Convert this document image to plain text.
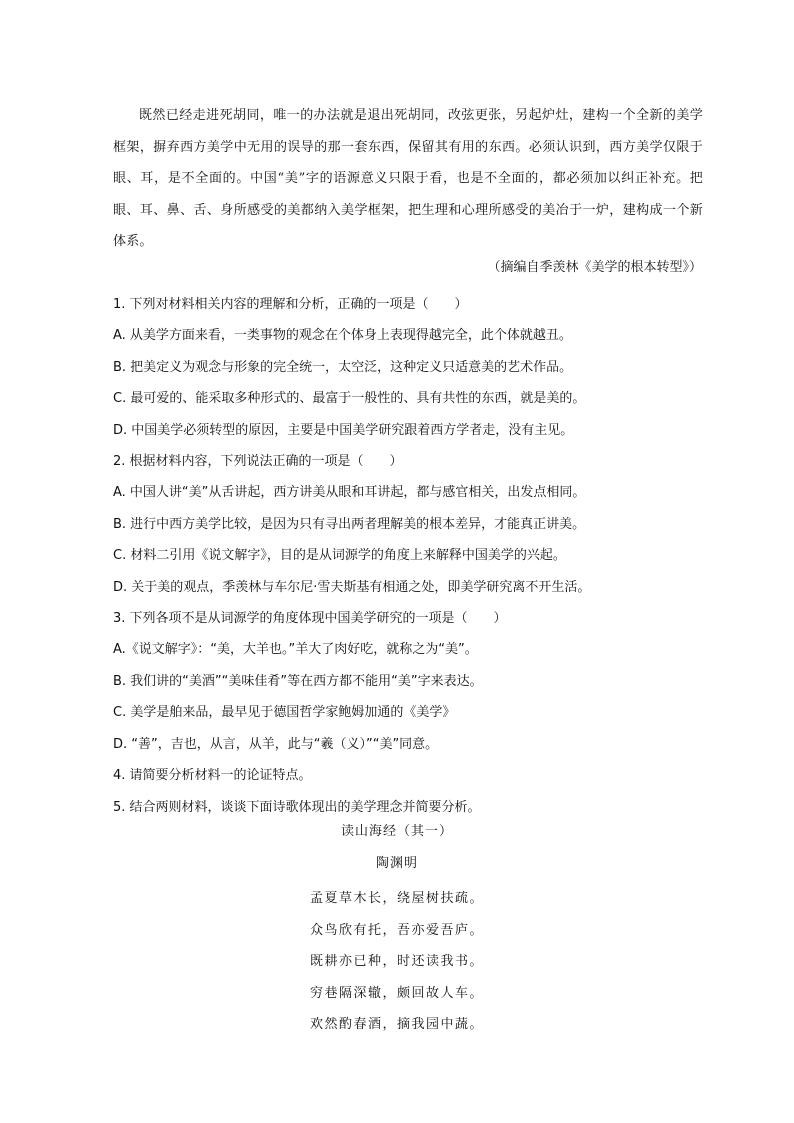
既然已经走进死胡同，唯一的办法就是退出死胡同，改弦更张，另起炉灶，建构一个全新的美学框架，摒弃西方美学中无用的误导的那一套东西，保留其有用的东西。必须认识到，西方美学仅限于眼、耳，是不全面的。中国“美”字的语源意义只限于看，也是不全面的，都必须加以纠正补充。把眼、耳、鼻、舌、身所感受的美都纳入美学框架，把生理和心理所感受的美冶于一炉，建构成一个新体系。

（摘编自季羡林《美学的根本转型》）
1. 下列对材料相关内容的理解和分析，正确的一项是（　　）
A. 从美学方面来看，一类事物的观念在个体身上表现得越完全，此个体就越丑。
B. 把美定义为观念与形象的完全统一，太空泛，这种定义只适意美的艺术作品。
C. 最可爱的、能采取多种形式的、最富于一般性的、具有共性的东西，就是美的。
D. 中国美学必须转型的原因，主要是中国美学研究跟着西方学者走，没有主见。
2. 根据材料内容，下列说法正确的一项是（　　）
A. 中国人讲“美”从舌讲起，西方讲美从眼和耳讲起，都与感官相关，出发点相同。
B. 进行中西方美学比较，是因为只有寻出两者理解美的根本差异，才能真正讲美。
C. 材料二引用《说文解字》，目的是从词源学的角度上来解释中国美学的兴起。
D. 关于美的观点，季羡林与车尔尼·雪夫斯基有相通之处，即美学研究离不开生活。
3. 下列各项不是从词源学的角度体现中国美学研究的一项是（　　）
A.《说文解字》：“美，大羊也。”羊大了肉好吃，就称之为“美”。
B. 我们讲的“美酒”“美味佳肴”等在西方都不能用“美”字来表达。
C. 美学是舶来品，最早见于德国哲学家鲍姆加通的《美学》
D. “善”，吉也，从言，从羊，此与“羲（义）”“美”同意。
4. 请简要分析材料一的论证特点。
5. 结合两则材料，谈谈下面诗歌体现出的美学理念并简要分析。
读山海经（其一）
陶渊明
孟夏草木长，绕屋树扶疏。
众鸟欣有托，吾亦爱吾庐。
既耕亦已种，时还读我书。
穷巷隔深辙，颇回故人车。
欢然酌春酒，摘我园中蔬。
